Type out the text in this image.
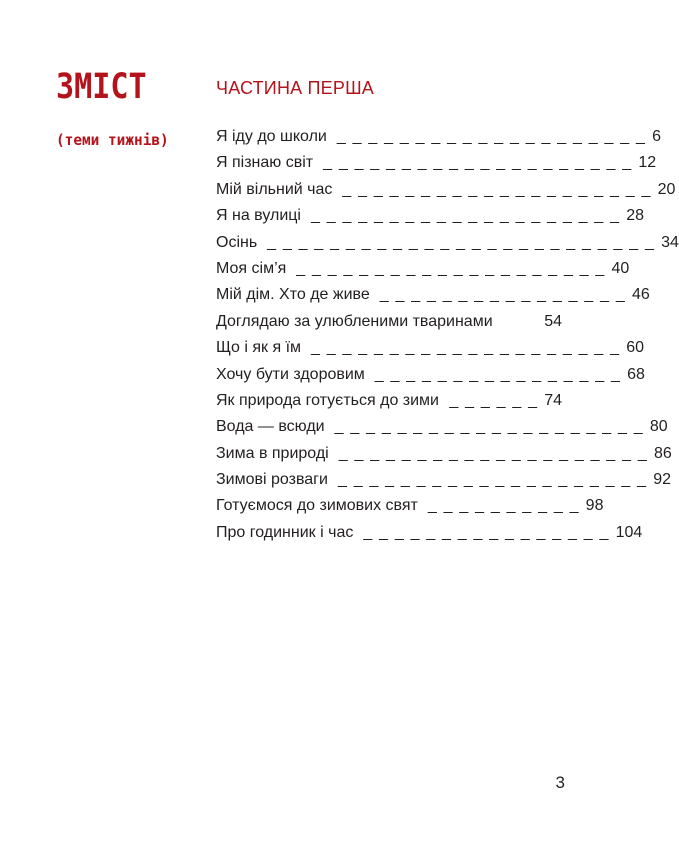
ЗМІСТ
(теми тижнів)
ЧАСТИНА ПЕРША
Я іду до школи _ _ _ _ _ _ _ _ _ _ _ _ _ _ _ _ _ _ _ _ 6
Я пізнаю світ _ _ _ _ _ _ _ _ _ _ _ _ _ _ _ _ _ _ _ _ 12
Мій вільний час _ _ _ _ _ _ _ _ _ _ _ _ _ _ _ _ _ _ _ _ 20
Я на вулиці _ _ _ _ _ _ _ _ _ _ _ _ _ _ _ _ _ _ _ _ 28
Осінь _ _ _ _ _ _ _ _ _ _ _ _ _ _ _ _ _ _ _ _ _ _ _ _ _ 34
Моя сім’я _ _ _ _ _ _ _ _ _ _ _ _ _ _ _ _ _ _ _ _ 40
Мій дім. Хто де живе _ _ _ _ _ _ _ _ _ _ _ _ _ _ _ _ 46
Доглядаю за улюбленими тваринами	54
Що і як я їм _ _ _ _ _ _ _ _ _ _ _ _ _ _ _ _ _ _ _ _ 60
Хочу бути здоровим _ _ _ _ _ _ _ _ _ _ _ _ _ _ _ _ 68
Як природа готується до зими _ _ _ _ _ _ 74
Вода — всюди _ _ _ _ _ _ _ _ _ _ _ _ _ _ _ _ _ _ _ _ 80
Зима в природі _ _ _ _ _ _ _ _ _ _ _ _ _ _ _ _ _ _ _ _ 86
Зимові розваги _ _ _ _ _ _ _ _ _ _ _ _ _ _ _ _ _ _ _ _ 92
Готуємося до зимових свят _ _ _ _ _ _ _ _ _ _ 98
Про годинник і час _ _ _ _ _ _ _ _ _ _ _ _ _ _ _ _ 104
3
